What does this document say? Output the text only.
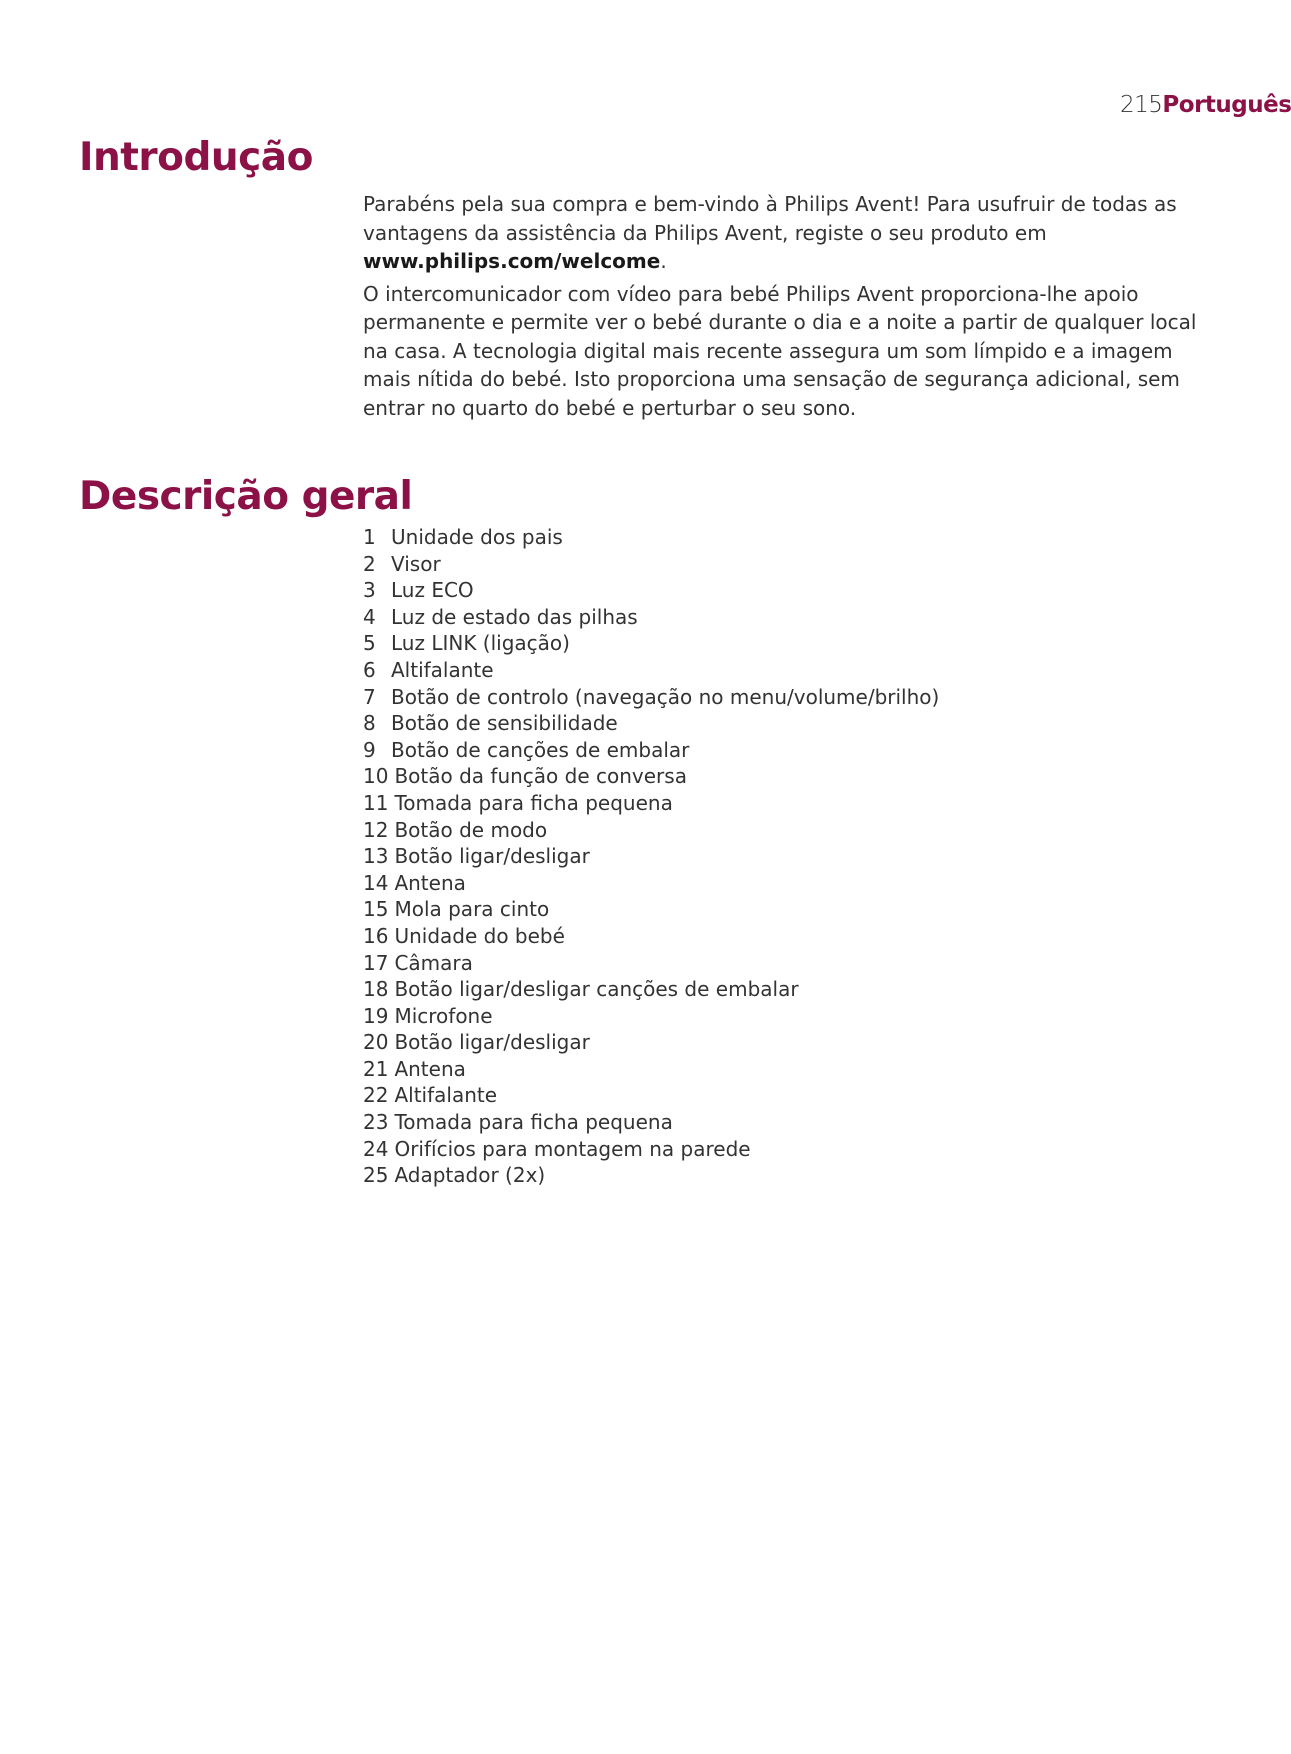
215Português
Introdução

Parabéns pela sua compra e bem-vindo à Philips Avent! Para usufruir de todas as vantagens da assistência da Philips Avent, registe o seu produto em www.philips.com/welcome.

O intercomunicador com vídeo para bebé Philips Avent proporciona-lhe apoio permanente e permite ver o bebé durante o dia e a noite a partir de qualquer local na casa. A tecnologia digital mais recente assegura um som límpido e a imagem mais nítida do bebé. Isto proporciona uma sensação de segurança adicional, sem entrar no quarto do bebé e perturbar o seu sono.

Descrição geral
1 Unidade dos pais
2 Visor
3 Luz ECO
4 Luz de estado das pilhas
5 Luz LINK (ligação)
6 Altifalante
7 Botão de controlo (navegação no menu/volume/brilho)
8 Botão de sensibilidade
9 Botão de canções de embalar
10 Botão da função de conversa
11 Tomada para ficha pequena
12 Botão de modo
13 Botão ligar/desligar
14 Antena
15 Mola para cinto
16 Unidade do bebé
17 Câmara
18 Botão ligar/desligar canções de embalar
19 Microfone
20 Botão ligar/desligar
21 Antena
22 Altifalante
23 Tomada para ficha pequena
24 Orifícios para montagem na parede
25 Adaptador (2x)
